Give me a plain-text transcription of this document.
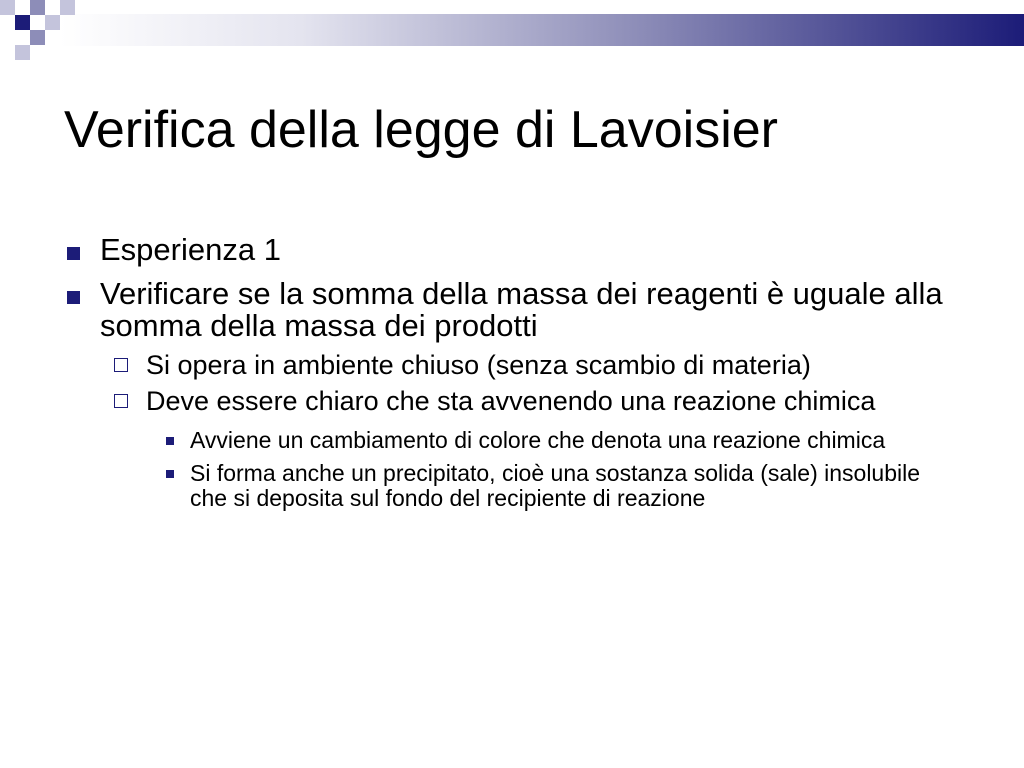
Verifica della legge di Lavoisier
Esperienza 1
Verificare se la somma della massa dei reagenti è uguale alla somma della massa dei prodotti
Si opera in ambiente chiuso (senza scambio di materia)
Deve essere chiaro che sta avvenendo una reazione chimica
Avviene un cambiamento di colore che denota una reazione chimica
Si forma anche un precipitato, cioè una sostanza solida (sale) insolubile che si deposita sul fondo del recipiente di reazione
